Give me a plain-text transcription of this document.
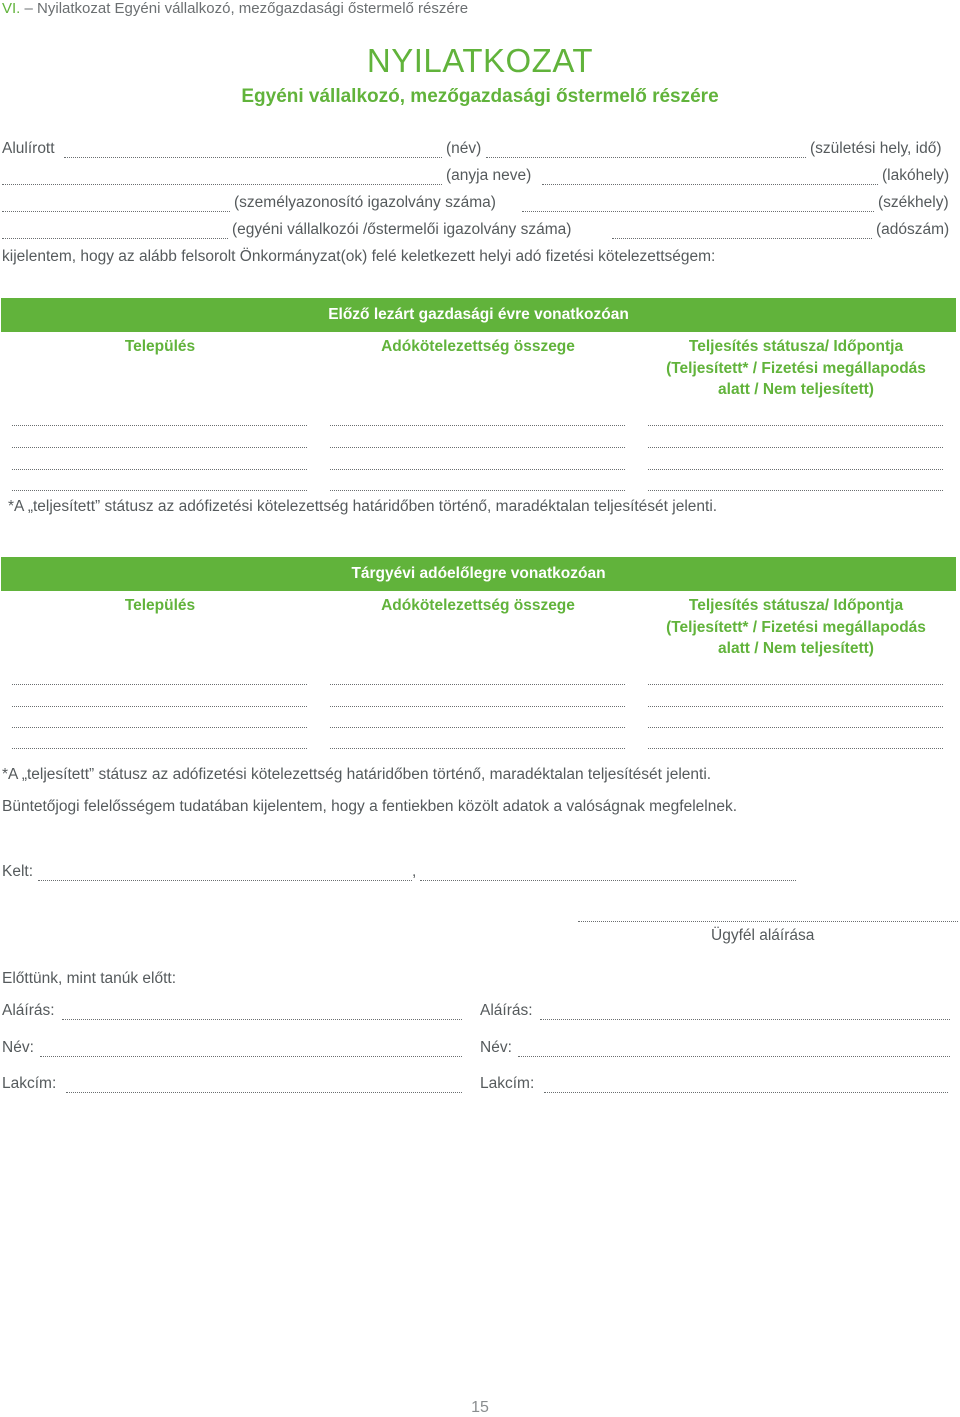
VI. – Nyilatkozat Egyéni vállalkozó, mezőgazdasági őstermelő részére
NYILATKOZAT
Egyéni vállalkozó, mezőgazdasági őstermelő részére
Alulírott	(név)	(születési hely, idő)
(anyja neve)	(lakóhely)
(személyazonosító igazolvány száma)	(székhely)
(egyéni vállalkozói /őstermelői igazolvány száma)	(adószám)
kijelentem, hogy az alább felsorolt Önkormányzat(ok) felé keletkezett helyi adó fizetési kötelezettségem:
Előző lezárt gazdasági évre vonatkozóan
Település	Adókötelezettség összege	Teljesítés státusza/ Időpontja (Teljesített* / Fizetési megállapodás alatt / Nem teljesített)
*A „teljesített” státusz az adófizetési kötelezettség határidőben történő, maradéktalan teljesítését jelenti.
Tárgyévi adóelőlegre vonatkozóan
Település	Adókötelezettség összege	Teljesítés státusza/ Időpontja (Teljesített* / Fizetési megállapodás alatt / Nem teljesített)
*A „teljesített” státusz az adófizetési kötelezettség határidőben történő, maradéktalan teljesítését jelenti.
Büntetőjogi felelősségem tudatában kijelentem, hogy a fentiekben közölt adatok a valóságnak megfelelnek.
Kelt:	,
Ügyfél aláírása
Előttünk, mint tanúk előtt:
Aláírás:	Aláírás:
Név:	Név:
Lakcím:	Lakcím:
15
